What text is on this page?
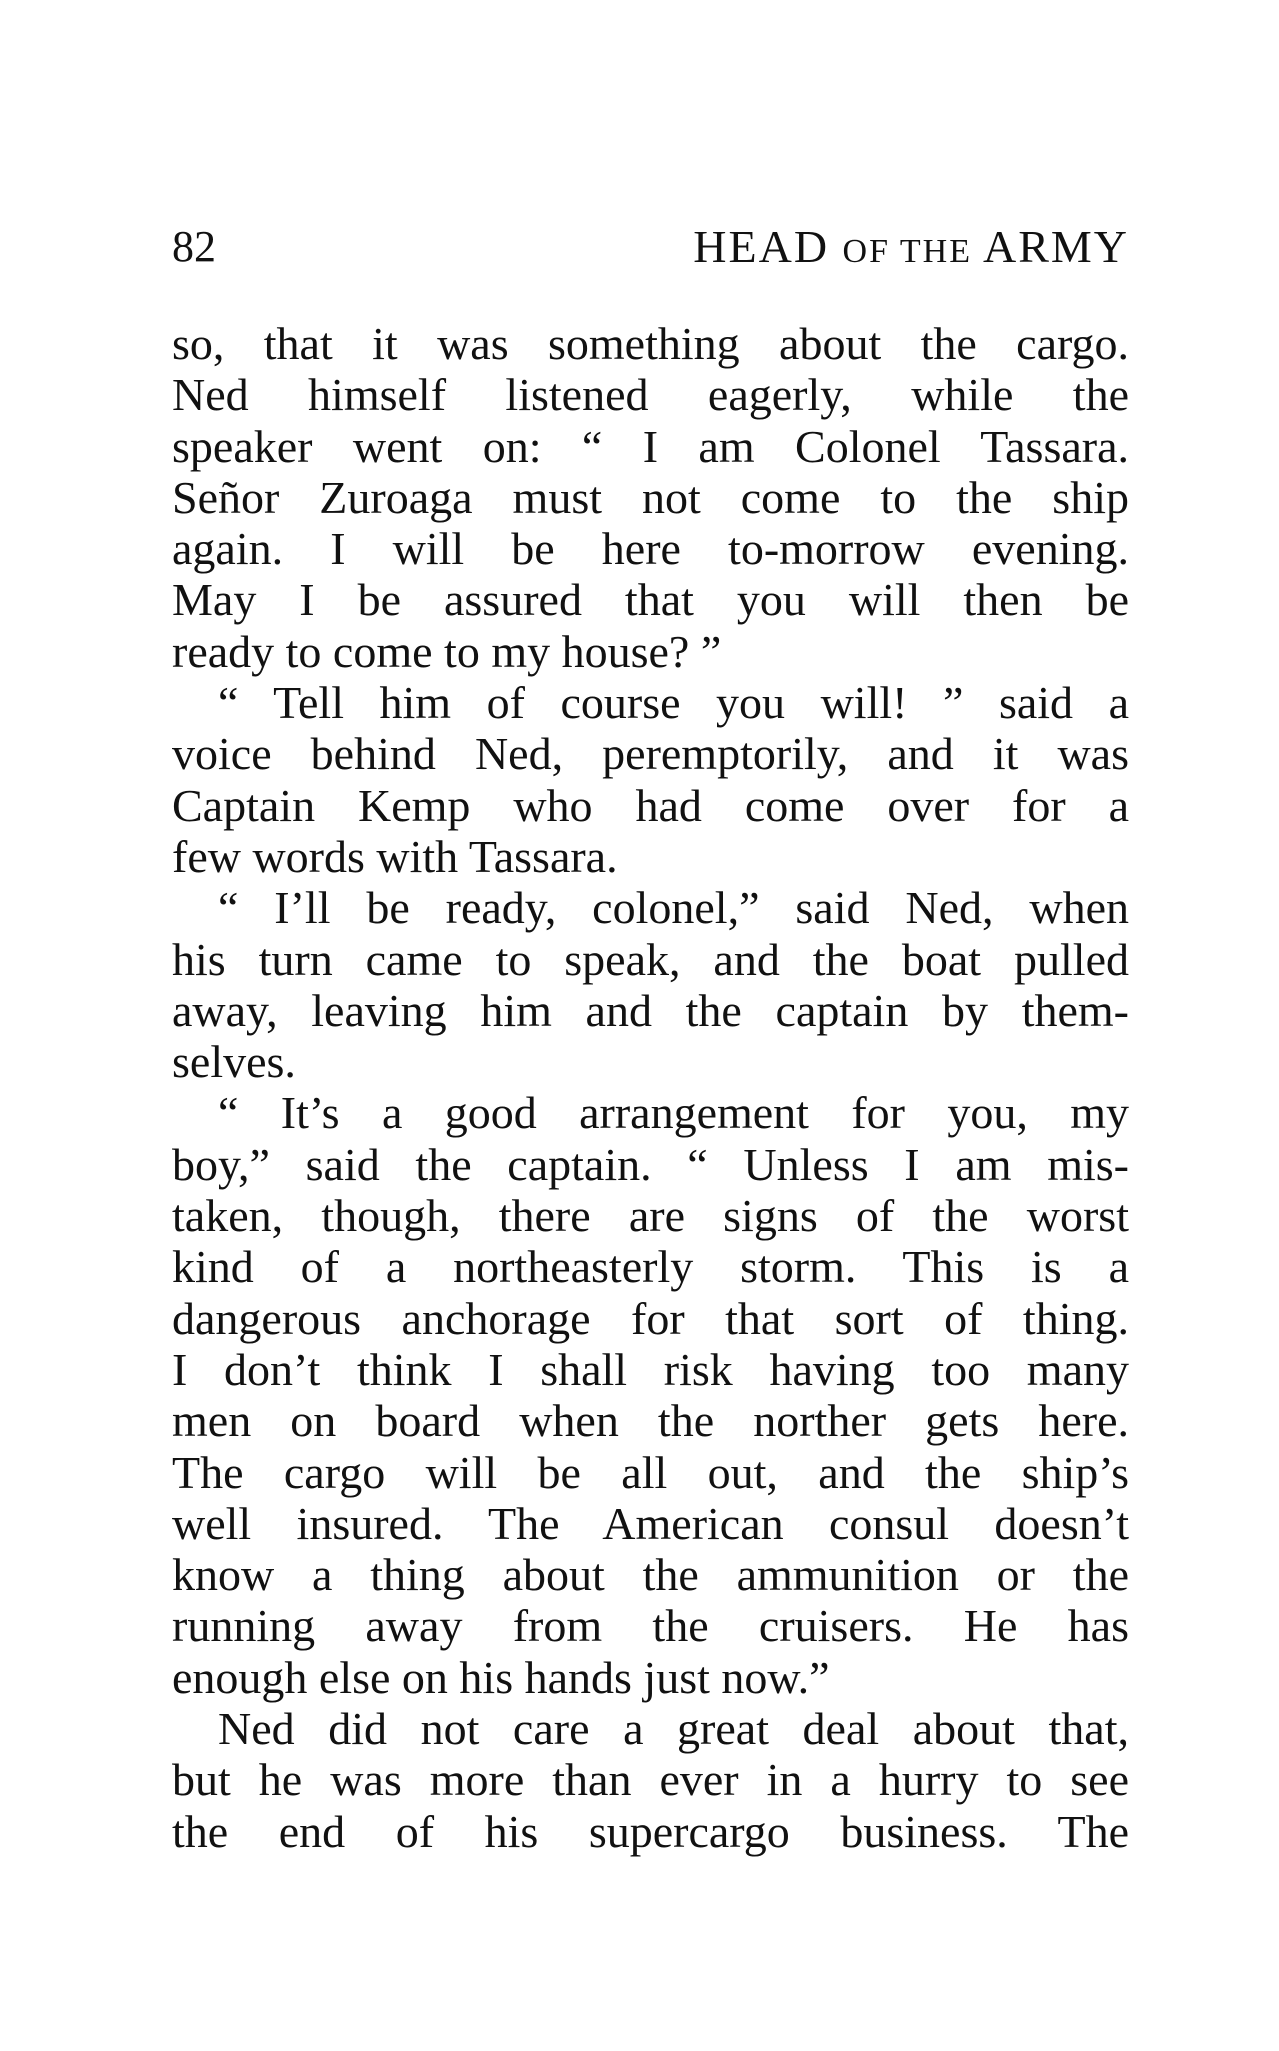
82	HEAD OF THE ARMY
so, that it was something about the cargo.
Ned himself listened eagerly, while the
speaker went on: “ I am Colonel Tassara.
Señor Zuroaga must not come to the ship
again. I will be here to-morrow evening.
May I be assured that you will then be
ready to come to my house? ”
“ Tell him of course you will! ” said a
voice behind Ned, peremptorily, and it was
Captain Kemp who had come over for a
few words with Tassara.
“ I’ll be ready, colonel,” said Ned, when
his turn came to speak, and the boat pulled
away, leaving him and the captain by them-
selves.
“ It’s a good arrangement for you, my
boy,” said the captain. “ Unless I am mis-
taken, though, there are signs of the worst
kind of a northeasterly storm. This is a
dangerous anchorage for that sort of thing.
I don’t think I shall risk having too many
men on board when the norther gets here.
The cargo will be all out, and the ship’s
well insured. The American consul doesn’t
know a thing about the ammunition or the
running away from the cruisers. He has
enough else on his hands just now.”
Ned did not care a great deal about that,
but he was more than ever in a hurry to see
the end of his supercargo business. The
